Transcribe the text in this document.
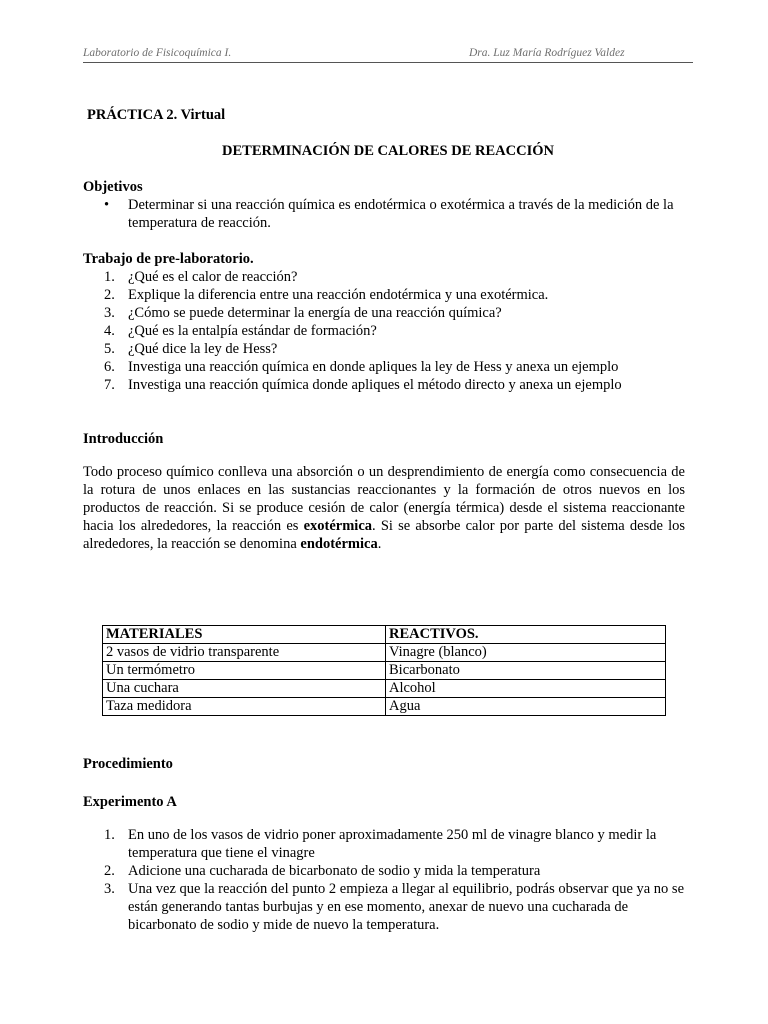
Laboratorio de Fisicoquímica I.	Dra. Luz María Rodríguez Valdez
PRÁCTICA 2. Virtual
DETERMINACIÓN DE CALORES DE REACCIÓN
Objetivos
• Determinar si una reacción química es endotérmica o exotérmica a través de la medición de la temperatura de reacción.
Trabajo de pre-laboratorio.
1. ¿Qué es el calor de reacción?
2. Explique la diferencia entre una reacción endotérmica y una exotérmica.
3. ¿Cómo se puede determinar la energía de una reacción química?
4. ¿Qué es la entalpía estándar de formación?
5. ¿Qué dice la ley de Hess?
6. Investiga una reacción química en donde apliques la ley de Hess y anexa un ejemplo
7. Investiga una reacción química donde apliques el método directo y anexa un ejemplo
Introducción
Todo proceso químico conlleva una absorción o un desprendimiento de energía como consecuencia de la rotura de unos enlaces en las sustancias reaccionantes y la formación de otros nuevos en los productos de reacción. Si se produce cesión de calor (energía térmica) desde el sistema reaccionante hacia los alrededores, la reacción es exotérmica. Si se absorbe calor por parte del sistema desde los alrededores, la reacción se denomina endotérmica.
MATERIALES	REACTIVOS.
2 vasos de vidrio transparente	Vinagre (blanco)
Un termómetro	Bicarbonato
Una cuchara	Alcohol
Taza medidora	Agua
Procedimiento
Experimento A
1. En uno de los vasos de vidrio poner aproximadamente 250 ml de vinagre blanco y medir la temperatura que tiene el vinagre
2. Adicione una cucharada de bicarbonato de sodio y mida la temperatura
3. Una vez que la reacción del punto 2 empieza a llegar al equilibrio, podrás observar que ya no se están generando tantas burbujas y en ese momento, anexar de nuevo una cucharada de bicarbonato de sodio y mide de nuevo la temperatura.
